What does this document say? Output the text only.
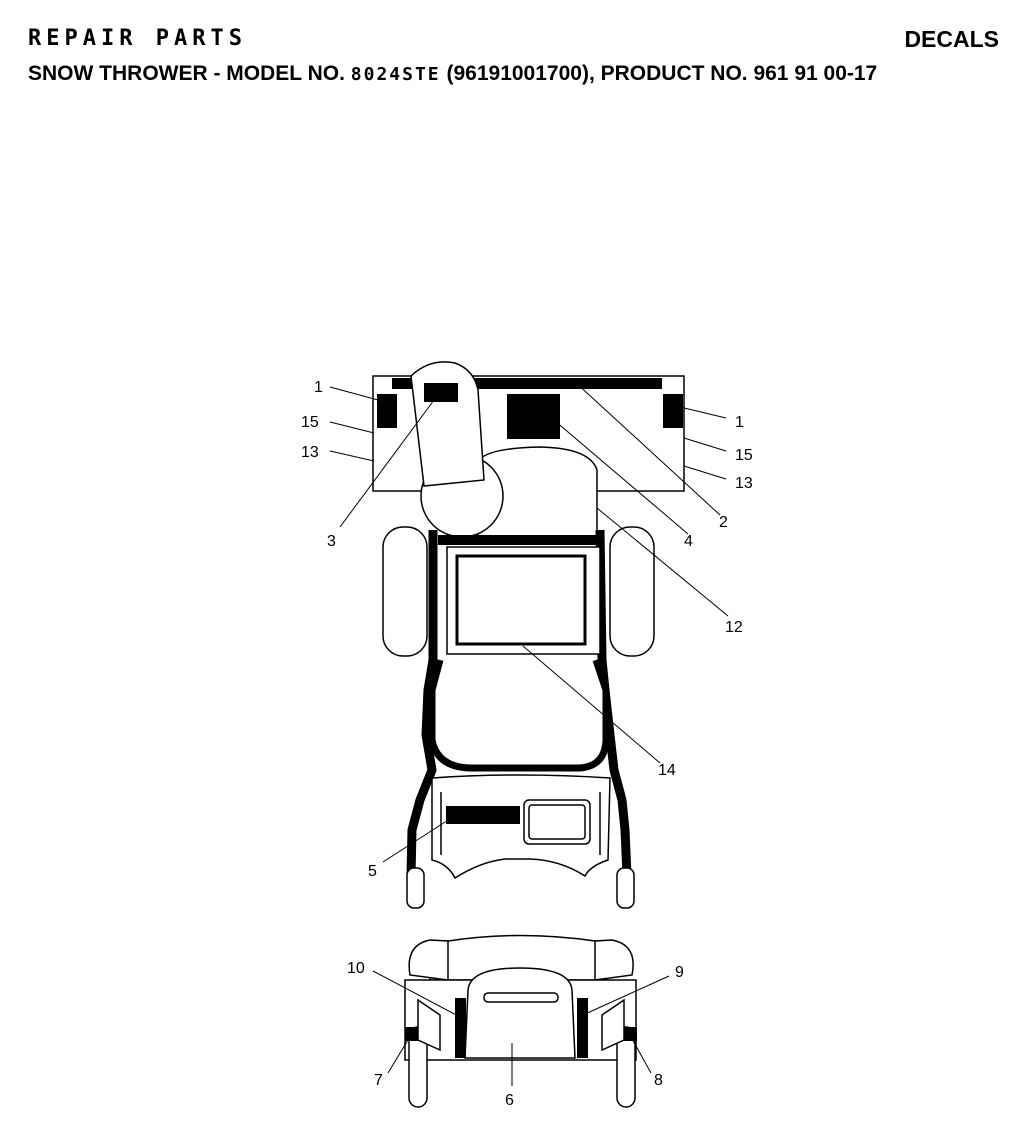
REPAIR PARTS	DECALS
SNOW THROWER - MODEL NO. 8024STE (96191001700), PRODUCT NO. 961 91 00-17
1
15
13
1
15
13
3	4
2
12
14
5
10	9
7	8
6
